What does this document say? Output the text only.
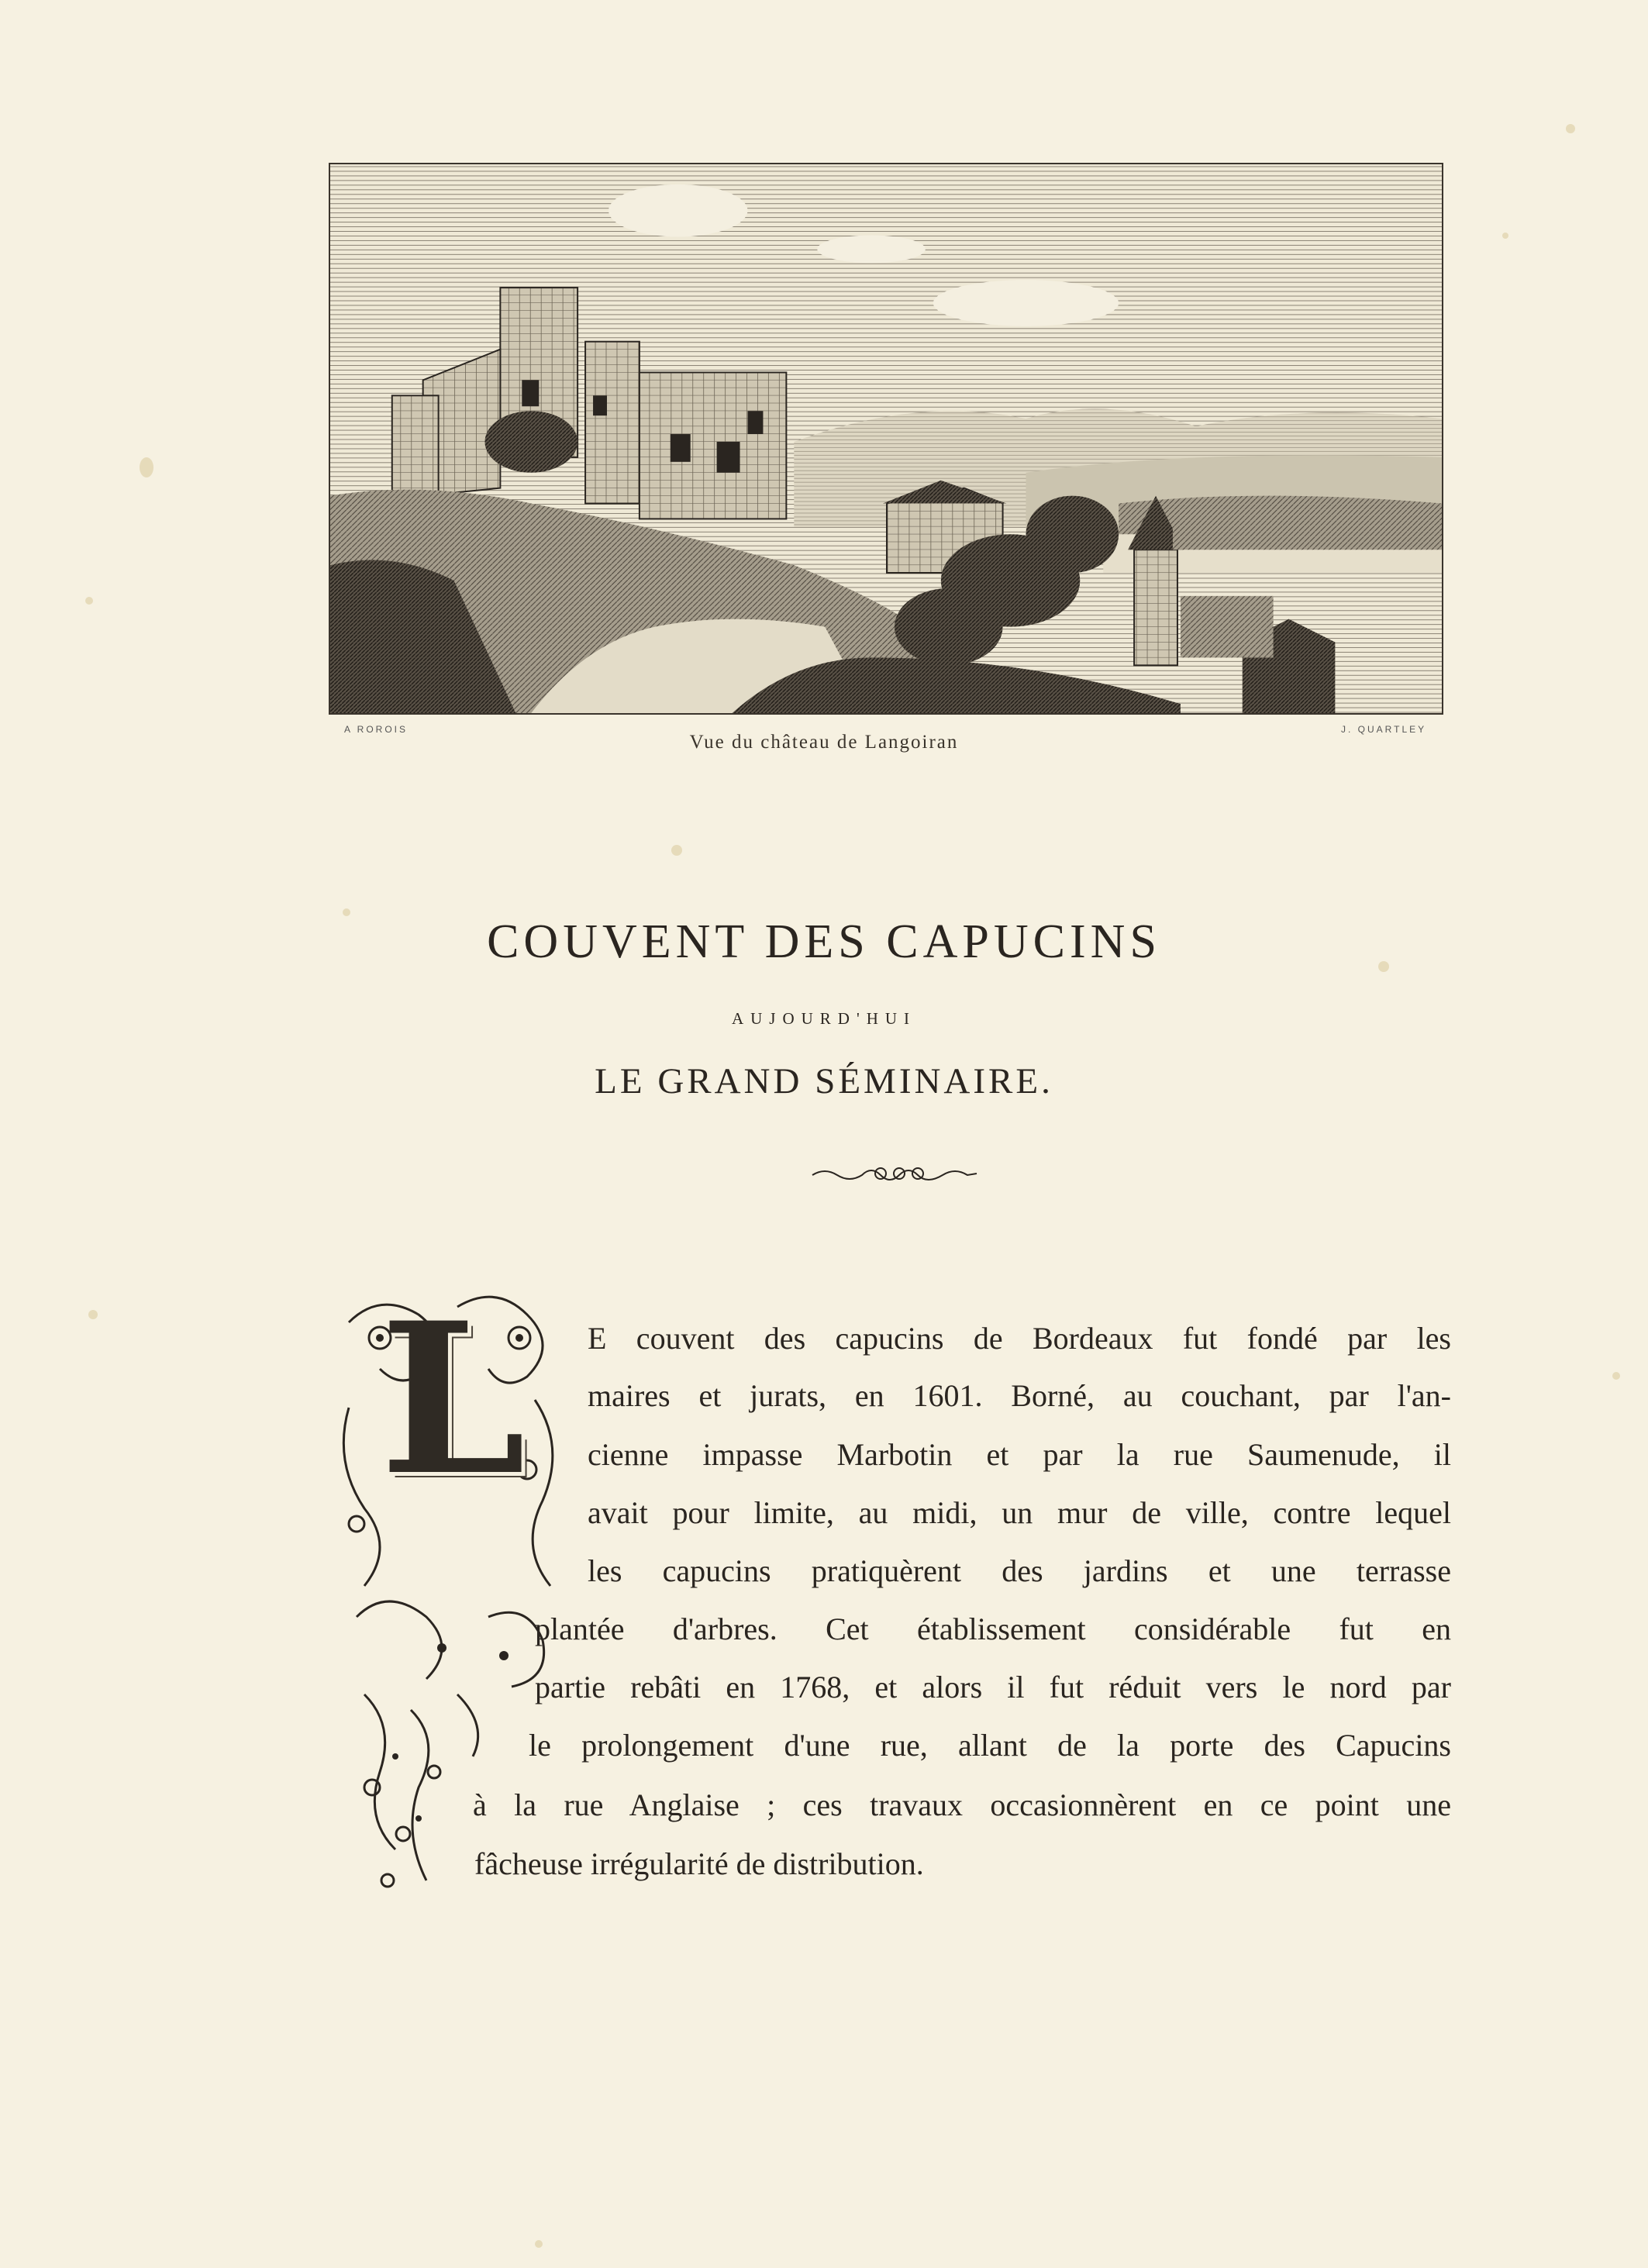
A ROROIS	J. QUARTLEY
Vue du château de Langoiran
COUVENT DES CAPUCINS
AUJOURD'HUI
LE GRAND SÉMINAIRE.
L E couvent des capucins de Bordeaux fut fondé par les
maires et jurats, en 1601. Borné, au couchant, par l'an-
cienne impasse Marbotin et par la rue Saumenude, il
avait pour limite, au midi, un mur de ville, contre lequel
les capucins pratiquèrent des jardins et une terrasse
plantée d'arbres. Cet établissement considérable fut en
partie rebâti en 1768, et alors il fut réduit vers le nord par
le prolongement d'une rue, allant de la porte des Capucins
à la rue Anglaise ; ces travaux occasionnèrent en ce point une
fâcheuse irrégularité de distribution.
